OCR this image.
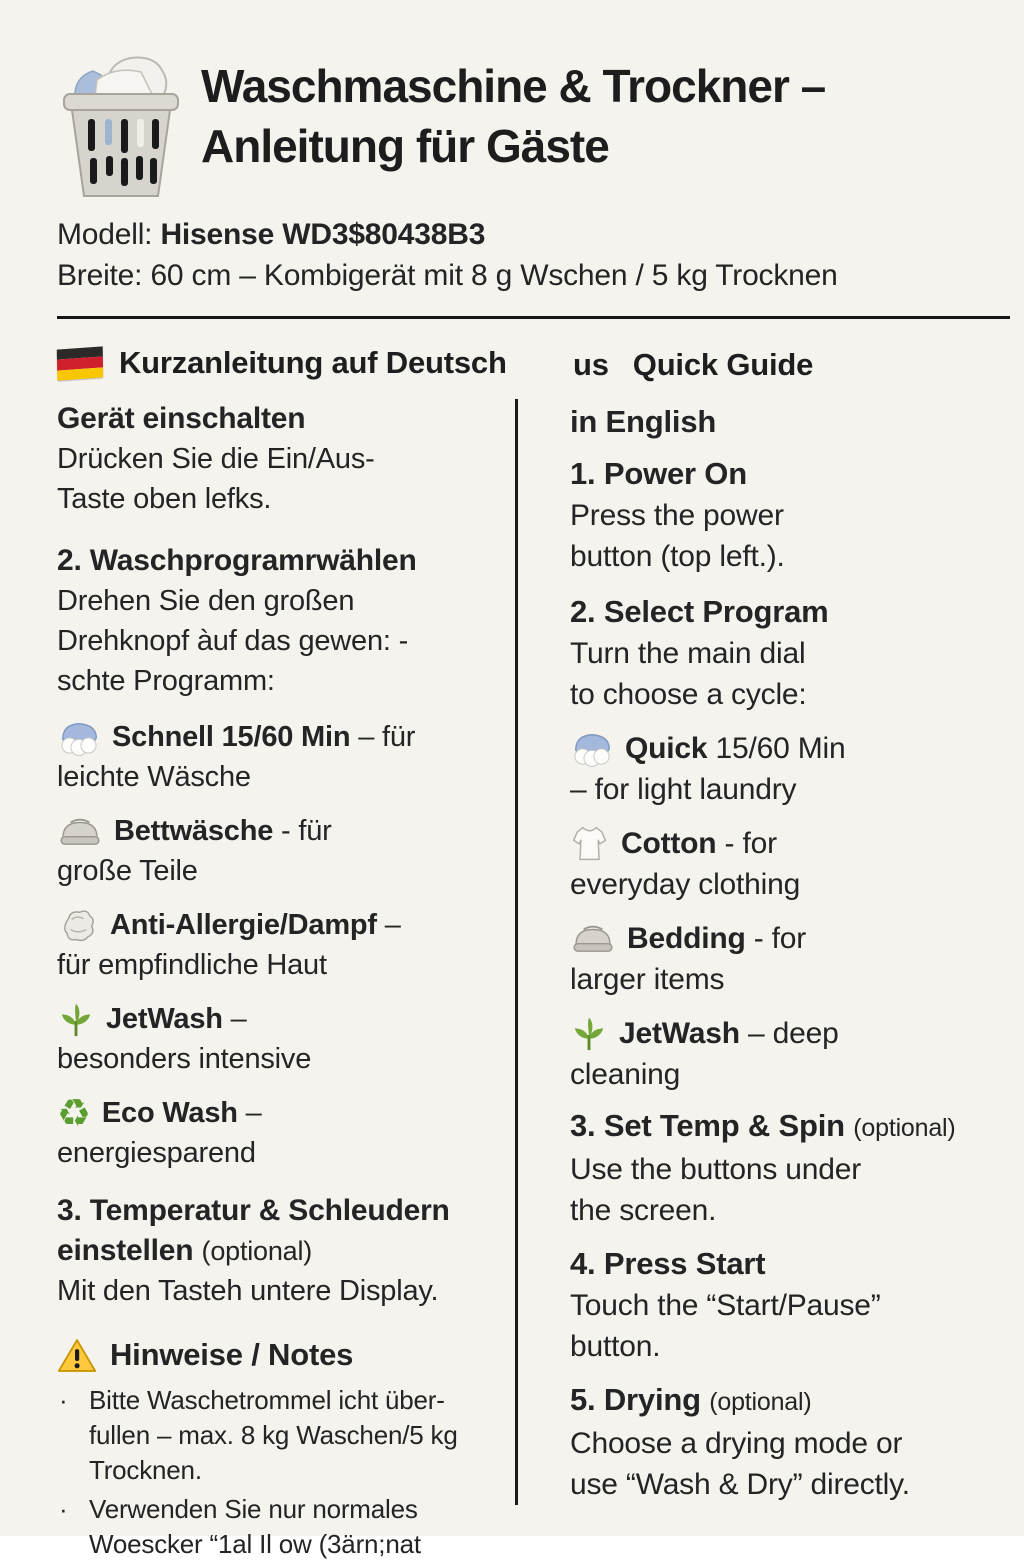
Waschmaschine & Trockner –
Anleitung für Gäste
Modell: Hisense WD3$80438B3
Breite: 60 cm – Kombigerät mit 8 g Wschen / 5 kg Trocknen
Kurzanleitung auf Deutsch us Quick Guide
Gerät einschalten
Drücken Sie die Ein/Aus-
Taste oben lefks.
2. Waschprogramrwählen
Drehen Sie den großen
Drehknopf àuf das gewen: -
schte Programm:
Schnell 15/60 Min – für
leichte Wäsche
Bettwäsche - für
große Teile
Anti-Allergie/Dampf –
für empfindliche Haut
JetWash –
besonders intensive
♻ Eco Wash –
energiesparend
3. Temperatur & Schleudern
einstellen (optional)
Mit den Tasteh untere Display.
Hinweise / Notes
· Bitte Waschetrommel icht über-
fullen – max. 8 kg Waschen/5 kg
Trocknen.
· Verwenden Sie nur normales
Woescker “1al Il ow (3ärn;nat
in English
1. Power On
Press the power
button (top left.).
2. Select Program
Turn the main dial
to choose a cycle:
Quick 15/60 Min
– for light laundry
Cotton - for
everyday clothing
Bedding - for
larger items
JetWash – deep
cleaning
3. Set Temp & Spin (optional)
Use the buttons under
the screen.
4. Press Start
Touch the “Start/Pause”
button.
5. Drying (optional)
Choose a drying mode or
use “Wash & Dry” directly.
